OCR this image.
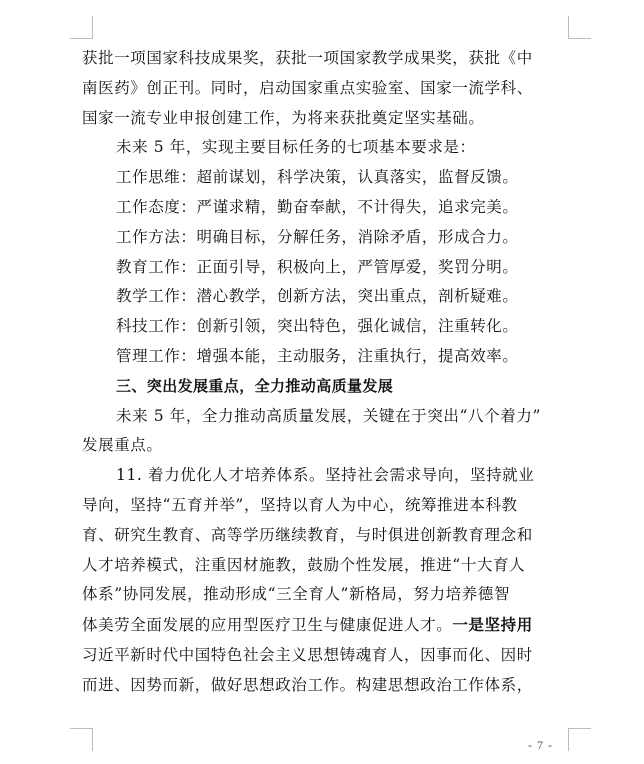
获批一项国家科技成果奖，获批一项国家教学成果奖，获批《中

南医药》创正刊。同时，启动国家重点实验室、国家一流学科、

国家一流专业申报创建工作，为将来获批奠定坚实基础。

未来 5 年，实现主要目标任务的七项基本要求是：

工作思维：超前谋划，科学决策，认真落实，监督反馈。

工作态度：严谨求精，勤奋奉献，不计得失，追求完美。

工作方法：明确目标，分解任务，消除矛盾，形成合力。

教育工作：正面引导，积极向上，严管厚爱，奖罚分明。

教学工作：潜心教学，创新方法，突出重点，剖析疑难。

科技工作：创新引领，突出特色，强化诚信，注重转化。

管理工作：增强本能，主动服务，注重执行，提高效率。

三、突出发展重点，全力推动高质量发展

未来 5 年，全力推动高质量发展，关键在于突出“八个着力”

发展重点。

11. 着力优化人才培养体系。坚持社会需求导向，坚持就业

导向，坚持“五育并举”，坚持以育人为中心，统筹推进本科教

育、研究生教育、高等学历继续教育，与时俱进创新教育理念和

人才培养模式，注重因材施教，鼓励个性发展，推进“十大育人

体系”协同发展，推动形成“三全育人”新格局，努力培养德智

体美劳全面发展的应用型医疗卫生与健康促进人才。一是坚持用

习近平新时代中国特色社会主义思想铸魂育人，因事而化、因时

而进、因势而新，做好思想政治工作。构建思想政治工作体系，

- 7 -
